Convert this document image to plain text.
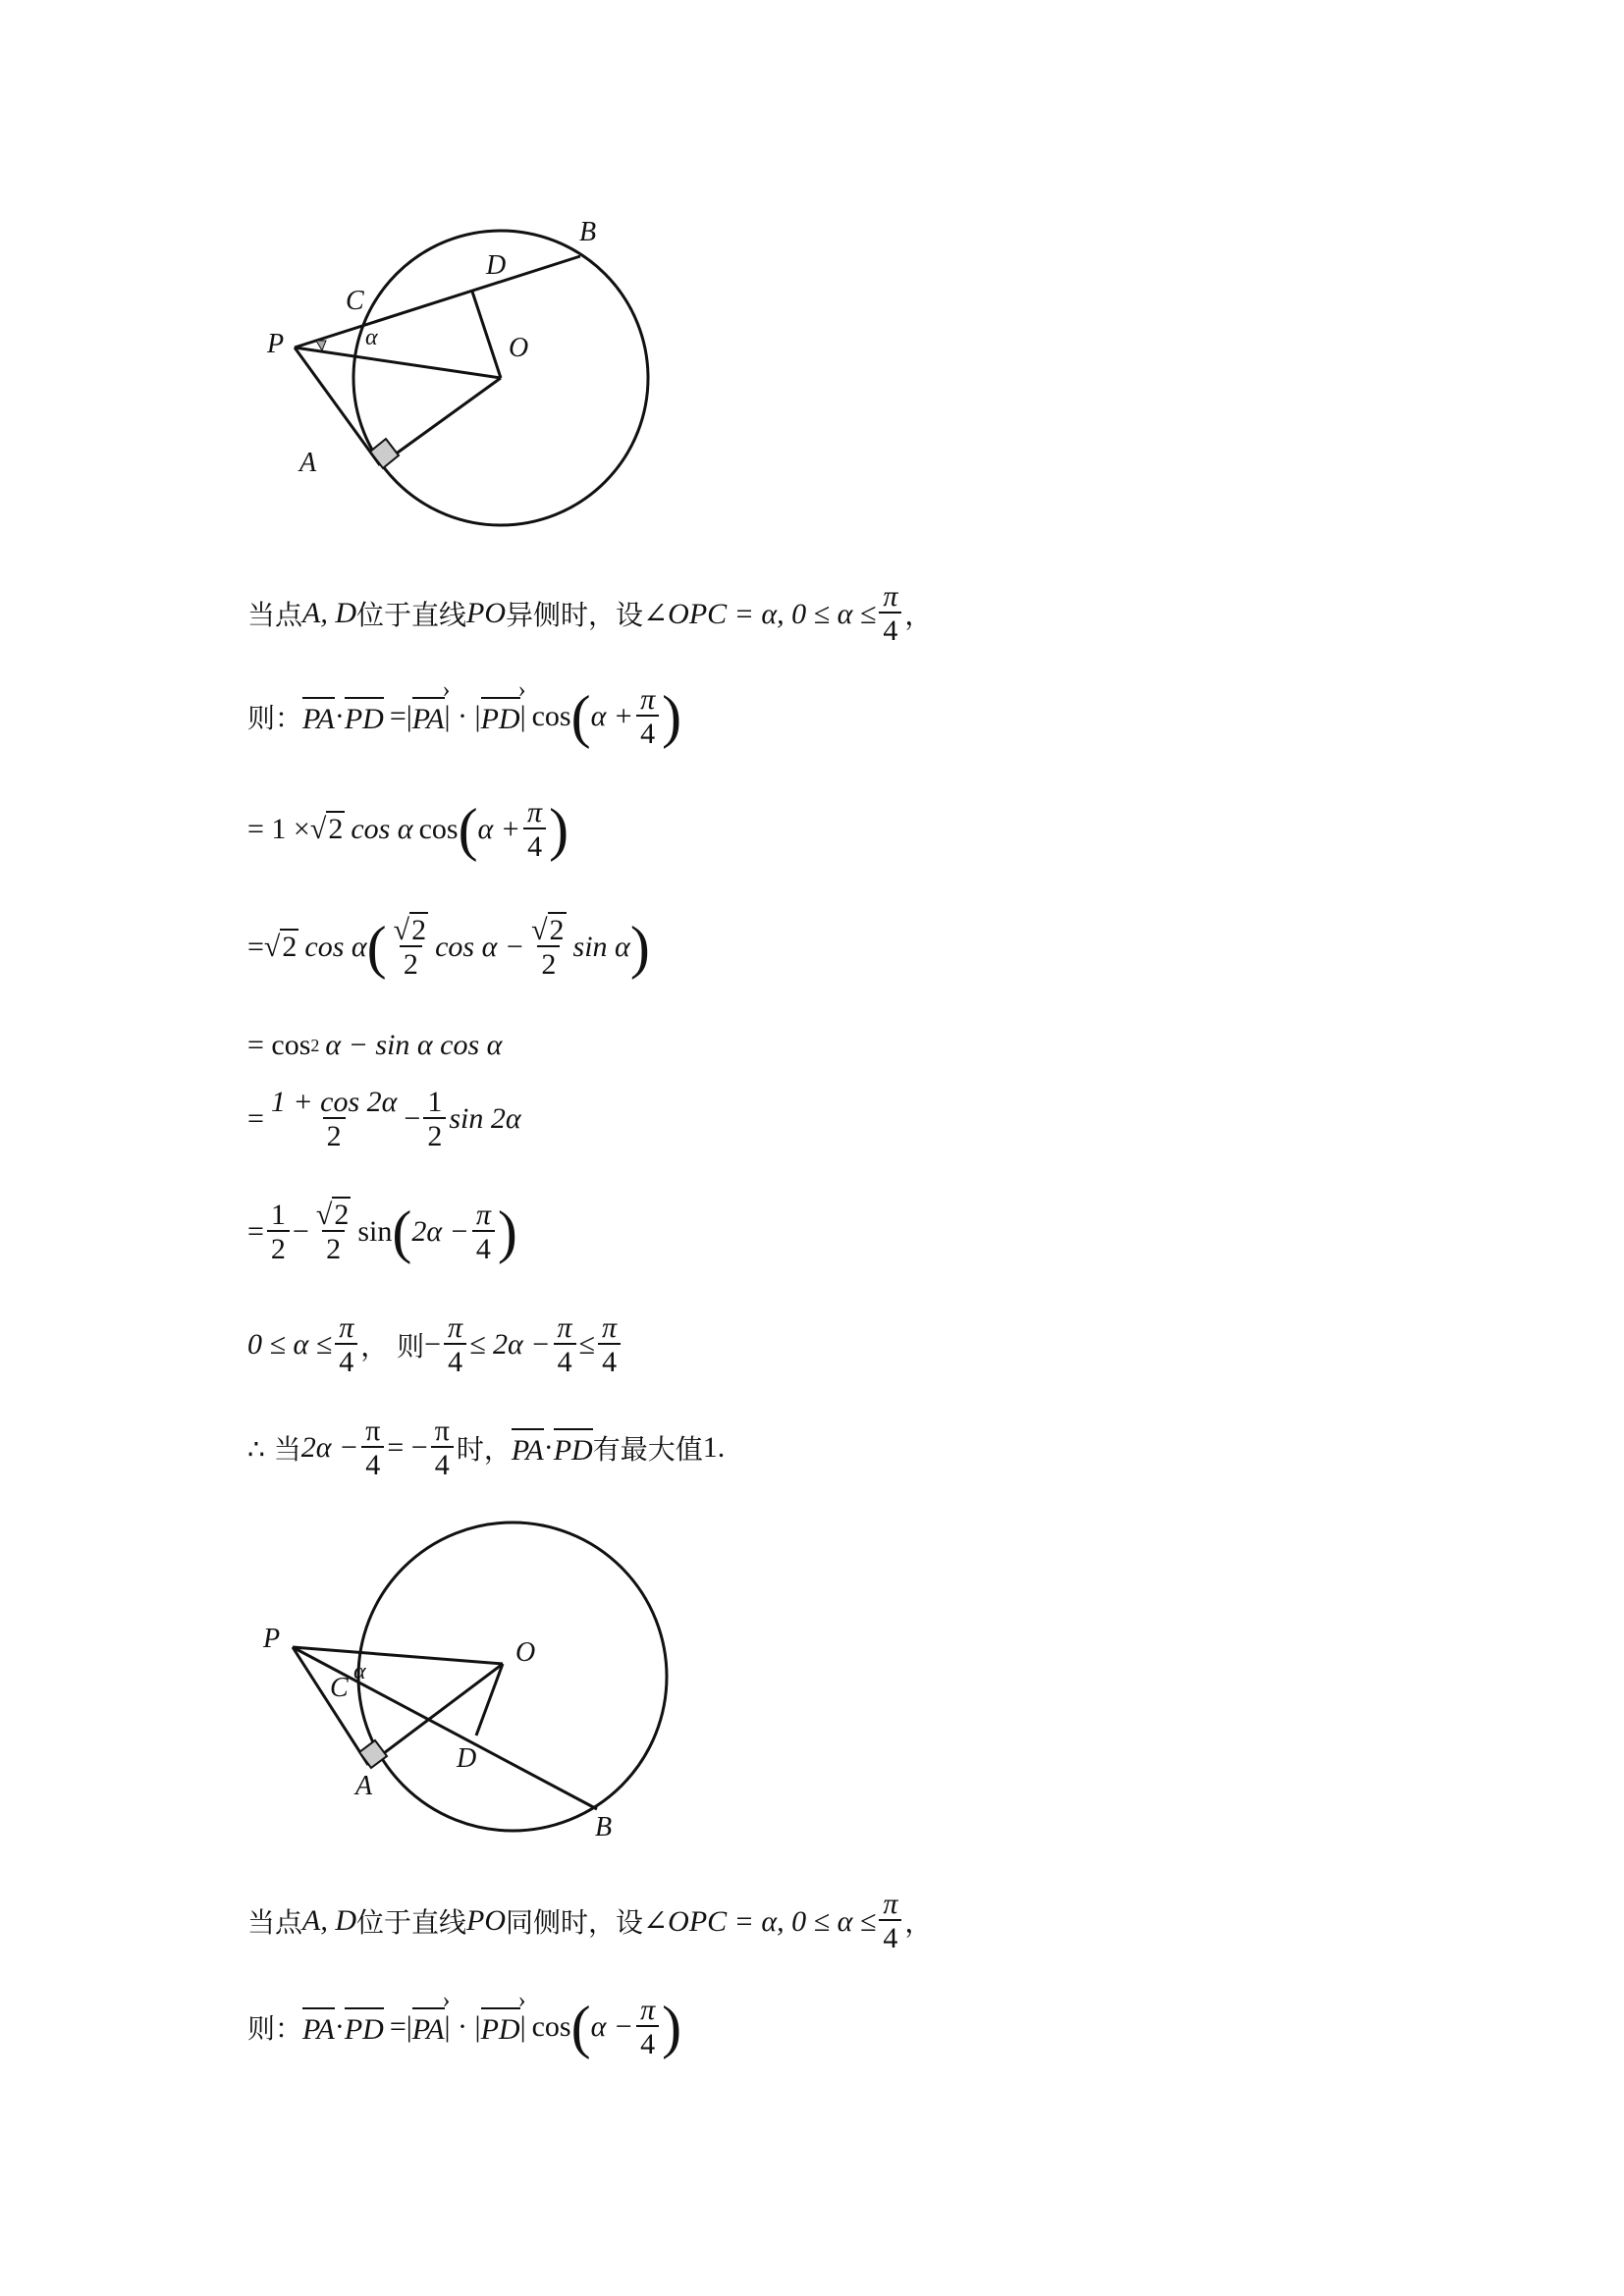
P
B
D
C
O
A
α
当点 A, D 位于直线 PO 异侧时，设 ∠OPC = α, $0 \le \alpha \le \frac{\pi}{4}$ ，
则： PA · PD =| PA › | · | PD › | cos ( $\alpha + \frac{\pi}{4}$ )
= 1 × √2 cos α cos ( $\alpha + \frac{\pi}{4}$ )
= √2 cos α ( $\frac{√2}{2}$ $\cos \alpha - \frac{√2}{2}$ sin α )
= cos 2 α − sin α cos α
= $\frac{1 + \cos 2\alpha}{2} - \frac{1}{2}$ sin 2α
= $\frac{1}{2} - \frac{√2}{2}$ sin ( $2\alpha - \frac{\pi}{4}$ )
$0 \le \alpha \le \frac{\pi}{4}$ ， 则 − $\frac{\pi}{4} \le 2\alpha - \frac{\pi}{4} \le \frac{\pi}{4}$
∴ 当 $2\alpha - \frac{\pi}{4}$ = − $\frac{\pi}{4}$ 时， PA · PD 有最大值 1.
P	O
C
α
A
D
B
当点 A, D 位于直线 PO 同侧时，设 ∠OPC = α, $0 \le \alpha \le \frac{\pi}{4}$ ，
则： PA · PD =| PA › | · | PD › | cos ( $\alpha - \frac{\pi}{4}$ )
